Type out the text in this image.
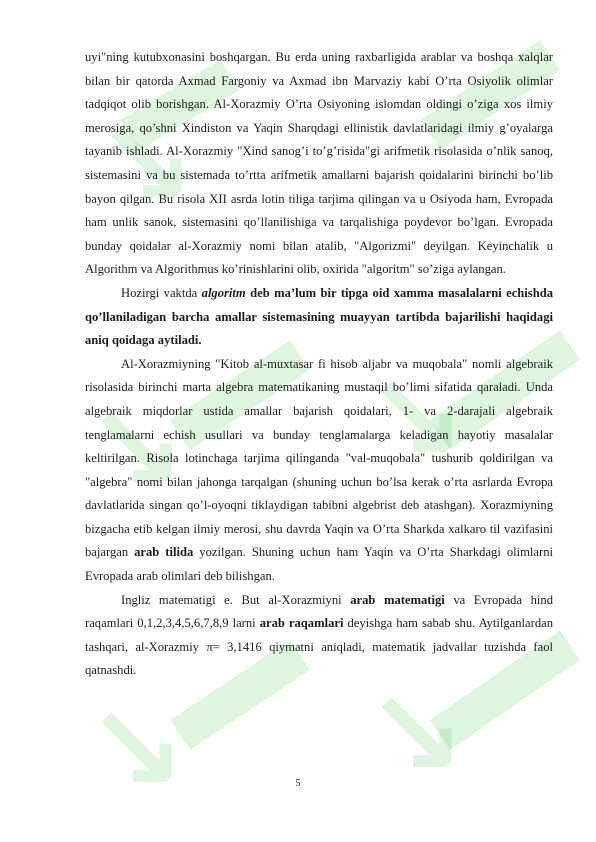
↘
↘
↘
↘
↘

uyi"ning kutubxonasini boshqargan. Bu erda uning raxbarligida arablar va boshqa xalqlar bilan bir qatorda Axmad Fargoniy va Axmad ibn Marvaziy kabi O’rta Osiyolik olimlar tadqiqot olib borishgan. Al-Xorazmiy O’rta Osiyoning islomdan oldingi o’ziga xos ilmiy merosiga, qo’shni Xindiston va Yaqin Sharqdagi ellinistik davlatlaridagi ilmiy g’oyalarga tayanib ishladi. Al-Xorazmiy "Xind sanog’i to’g’risida"gi arifmetik risolasida o’nlik sanoq, sistemasini va bu sistemada to’rtta arifmetik amallarni bajarish qoidalarini birinchi bo’lib bayon qilgan. Bu risola XII asrda lotin tiliga tarjima qilingan va u Osiyoda ham, Evropada ham unlik sanok, sistemasini qo’llanilishiga va tarqalishiga poydevor bo’lgan. Evropada bunday qoidalar al-Xorazmiy nomi bilan atalib, "Algorizmi" deyilgan. Keyinchalik u Algorithm va Algorithmus ko’rinishlarini olib, oxirida "algoritm" so’ziga aylangan.

Hozirgi vaktda algoritm deb ma’lum bir tipga oid xamma masalalarni echishda qo’llaniladigan barcha amallar sistemasining muayyan tartibda bajarilishi haqidagi aniq qoidaga aytiladi.

Al-Xorazmiyning "Kitob al-muxtasar fi hisob aljabr va muqobala" nomli algebraik risolasida birinchi marta algebra matematikaning mustaqil bo’limi sifatida qaraladi. Unda algebraik miqdorlar ustida amallar bajarish qoidalari, 1- va 2-darajali algebraik tenglamalarni echish usullari va bunday tenglamalarga keladigan hayotiy masalalar keltirilgan. Risola lotinchaga tarjima qilinganda "val-muqobala" tushurib qoldirilgan va "algebra" nomi bilan jahonga tarqalgan (shuning uchun bo’lsa kerak o’rta asrlarda Evropa davlatlarida singan qo’l-oyoqni tiklaydigan tabibni algebrist deb atashgan). Xorazmiyning bizgacha etib kelgan ilmiy merosi, shu davrda Yaqin va O’rta Sharkda xalkaro til vazifasini bajargan arab tilida yozilgan. Shuning uchun ham Yaqin va O’rta Sharkdagi olimlarni Evropada arab olimlari deb bilishgan.

Ingliz matematigi e. But al-Xorazmiyni arab matematigi va Evropada hind raqamlari 0,1,2,3,4,5,6,7,8,9 larni arab raqamlari deyishga ham sabab shu. Aytilganlardan tashqari, al-Xorazmiy π= 3,1416 qiymatni aniqladi, matematik jadvallar tuzishda faol qatnashdi.

5
